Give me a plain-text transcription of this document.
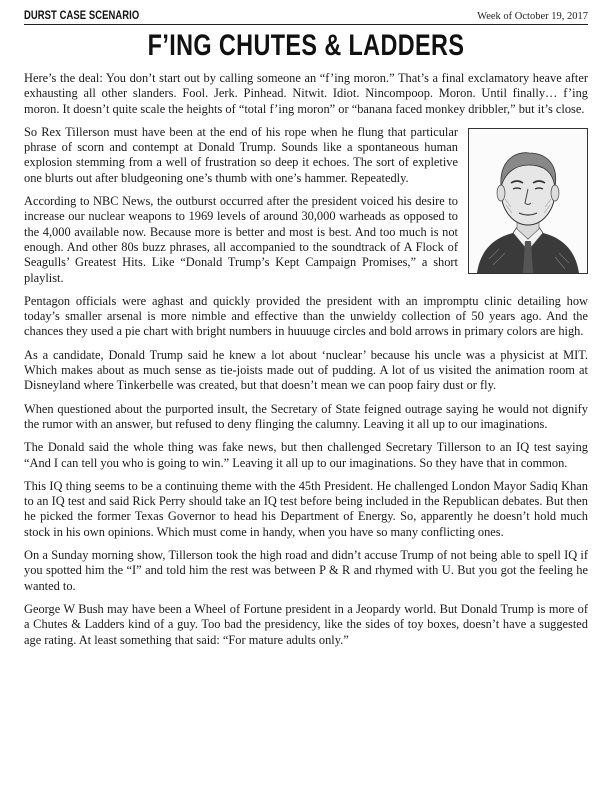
DURST CASE SCENARIO	Week of October 19, 2017
F’ING CHUTES & LADDERS

Here’s the deal: You don’t start out by calling someone an “f’ing moron.” That’s a final exclamatory heave after exhausting all other slanders. Fool. Jerk. Pinhead. Nitwit. Idiot. Nincompoop. Moron. Until finally… f’ing moron. It doesn’t quite scale the heights of “total f’ing moron” or “banana faced monkey dribbler,” but it’s close.

So Rex Tillerson must have been at the end of his rope when he flung that particular phrase of scorn and contempt at Donald Trump. Sounds like a spontaneous human explosion stemming from a well of frustration so deep it echoes. The sort of expletive one blurts out after bludgeoning one’s thumb with one’s hammer. Repeatedly.

According to NBC News, the outburst occurred after the president voiced his desire to increase our nuclear weapons to 1969 levels of around 30,000 warheads as opposed to the 4,000 available now. Because more is better and most is best. And too much is not enough. And other 80s buzz phrases, all accompanied to the soundtrack of A Flock of Seagulls’ Greatest Hits. Like “Donald Trump’s Kept Campaign Promises,” a short playlist.

Pentagon officials were aghast and quickly provided the president with an impromptu clinic detailing how today’s smaller arsenal is more nimble and effective than the unwieldy collection of 50 years ago. And the chances they used a pie chart with bright numbers in huuuuge circles and bold arrows in primary colors are high.

As a candidate, Donald Trump said he knew a lot about ‘nuclear’ because his uncle was a physicist at MIT. Which makes about as much sense as tie-joists made out of pudding. A lot of us visited the animation room at Disneyland where Tinkerbelle was created, but that doesn’t mean we can poop fairy dust or fly.

When questioned about the purported insult, the Secretary of State feigned outrage saying he would not dignify the rumor with an answer, but refused to deny flinging the calumny. Leaving it all up to our imaginations.

The Donald said the whole thing was fake news, but then challenged Secretary Tillerson to an IQ test saying “And I can tell you who is going to win.” Leaving it all up to our imaginations. So they have that in common.

This IQ thing seems to be a continuing theme with the 45th President. He challenged London Mayor Sadiq Khan to an IQ test and said Rick Perry should take an IQ test before being included in the Republican debates. But then he picked the former Texas Governor to head his Department of Energy. So, apparently he doesn’t hold much stock in his own opinions. Which must come in handy, when you have so many conflicting ones.

On a Sunday morning show, Tillerson took the high road and didn’t accuse Trump of not being able to spell IQ if you spotted him the “I” and told him the rest was between P & R and rhymed with U. But you got the feeling he wanted to.

George W Bush may have been a Wheel of Fortune president in a Jeopardy world. But Donald Trump is more of a Chutes & Ladders kind of a guy. Too bad the presidency, like the sides of toy boxes, doesn’t have a suggested age rating. At least something that said: “For mature adults only.”
